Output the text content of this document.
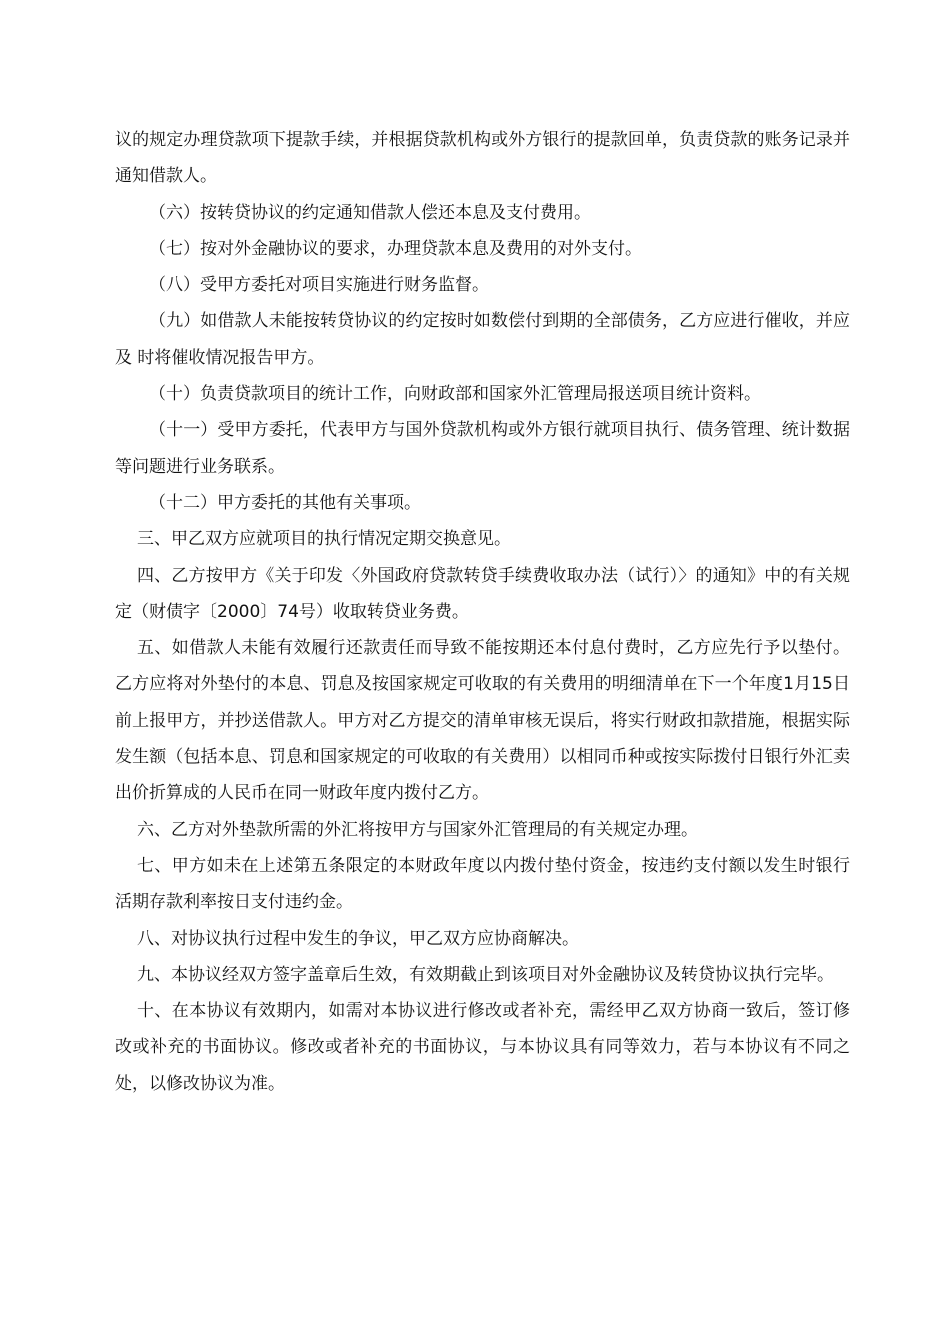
议的规定办理贷款项下提款手续，并根据贷款机构或外方银行的提款回单，负责贷款的账务记录并通知借款人。

（六）按转贷协议的约定通知借款人偿还本息及支付费用。

（七）按对外金融协议的要求，办理贷款本息及费用的对外支付。

（八）受甲方委托对项目实施进行财务监督。

（九）如借款人未能按转贷协议的约定按时如数偿付到期的全部债务，乙方应进行催收，并应及 时将催收情况报告甲方。

（十）负责贷款项目的统计工作，向财政部和国家外汇管理局报送项目统计资料。

（十一）受甲方委托，代表甲方与国外贷款机构或外方银行就项目执行、债务管理、统计数据等问题进行业务联系。

（十二）甲方委托的其他有关事项。

三、甲乙双方应就项目的执行情况定期交换意见。

四、乙方按甲方《关于印发〈外国政府贷款转贷手续费收取办法（试行）〉的通知》中的有关规定（财债字〔2000〕74号）收取转贷业务费。

五、如借款人未能有效履行还款责任而导致不能按期还本付息付费时，乙方应先行予以垫付。乙方应将对外垫付的本息、罚息及按国家规定可收取的有关费用的明细清单在下一个年度1月15日前上报甲方，并抄送借款人。甲方对乙方提交的清单审核无误后，将实行财政扣款措施，根据实际发生额（包括本息、罚息和国家规定的可收取的有关费用）以相同币种或按实际拨付日银行外汇卖出价折算成的人民币在同一财政年度内拨付乙方。

六、乙方对外垫款所需的外汇将按甲方与国家外汇管理局的有关规定办理。

七、甲方如未在上述第五条限定的本财政年度以内拨付垫付资金，按违约支付额以发生时银行活期存款利率按日支付违约金。

八、对协议执行过程中发生的争议，甲乙双方应协商解决。

九、本协议经双方签字盖章后生效，有效期截止到该项目对外金融协议及转贷协议执行完毕。

十、在本协议有效期内，如需对本协议进行修改或者补充，需经甲乙双方协商一致后，签订修改或补充的书面协议。修改或者补充的书面协议，与本协议具有同等效力，若与本协议有不同之处，以修改协议为准。
